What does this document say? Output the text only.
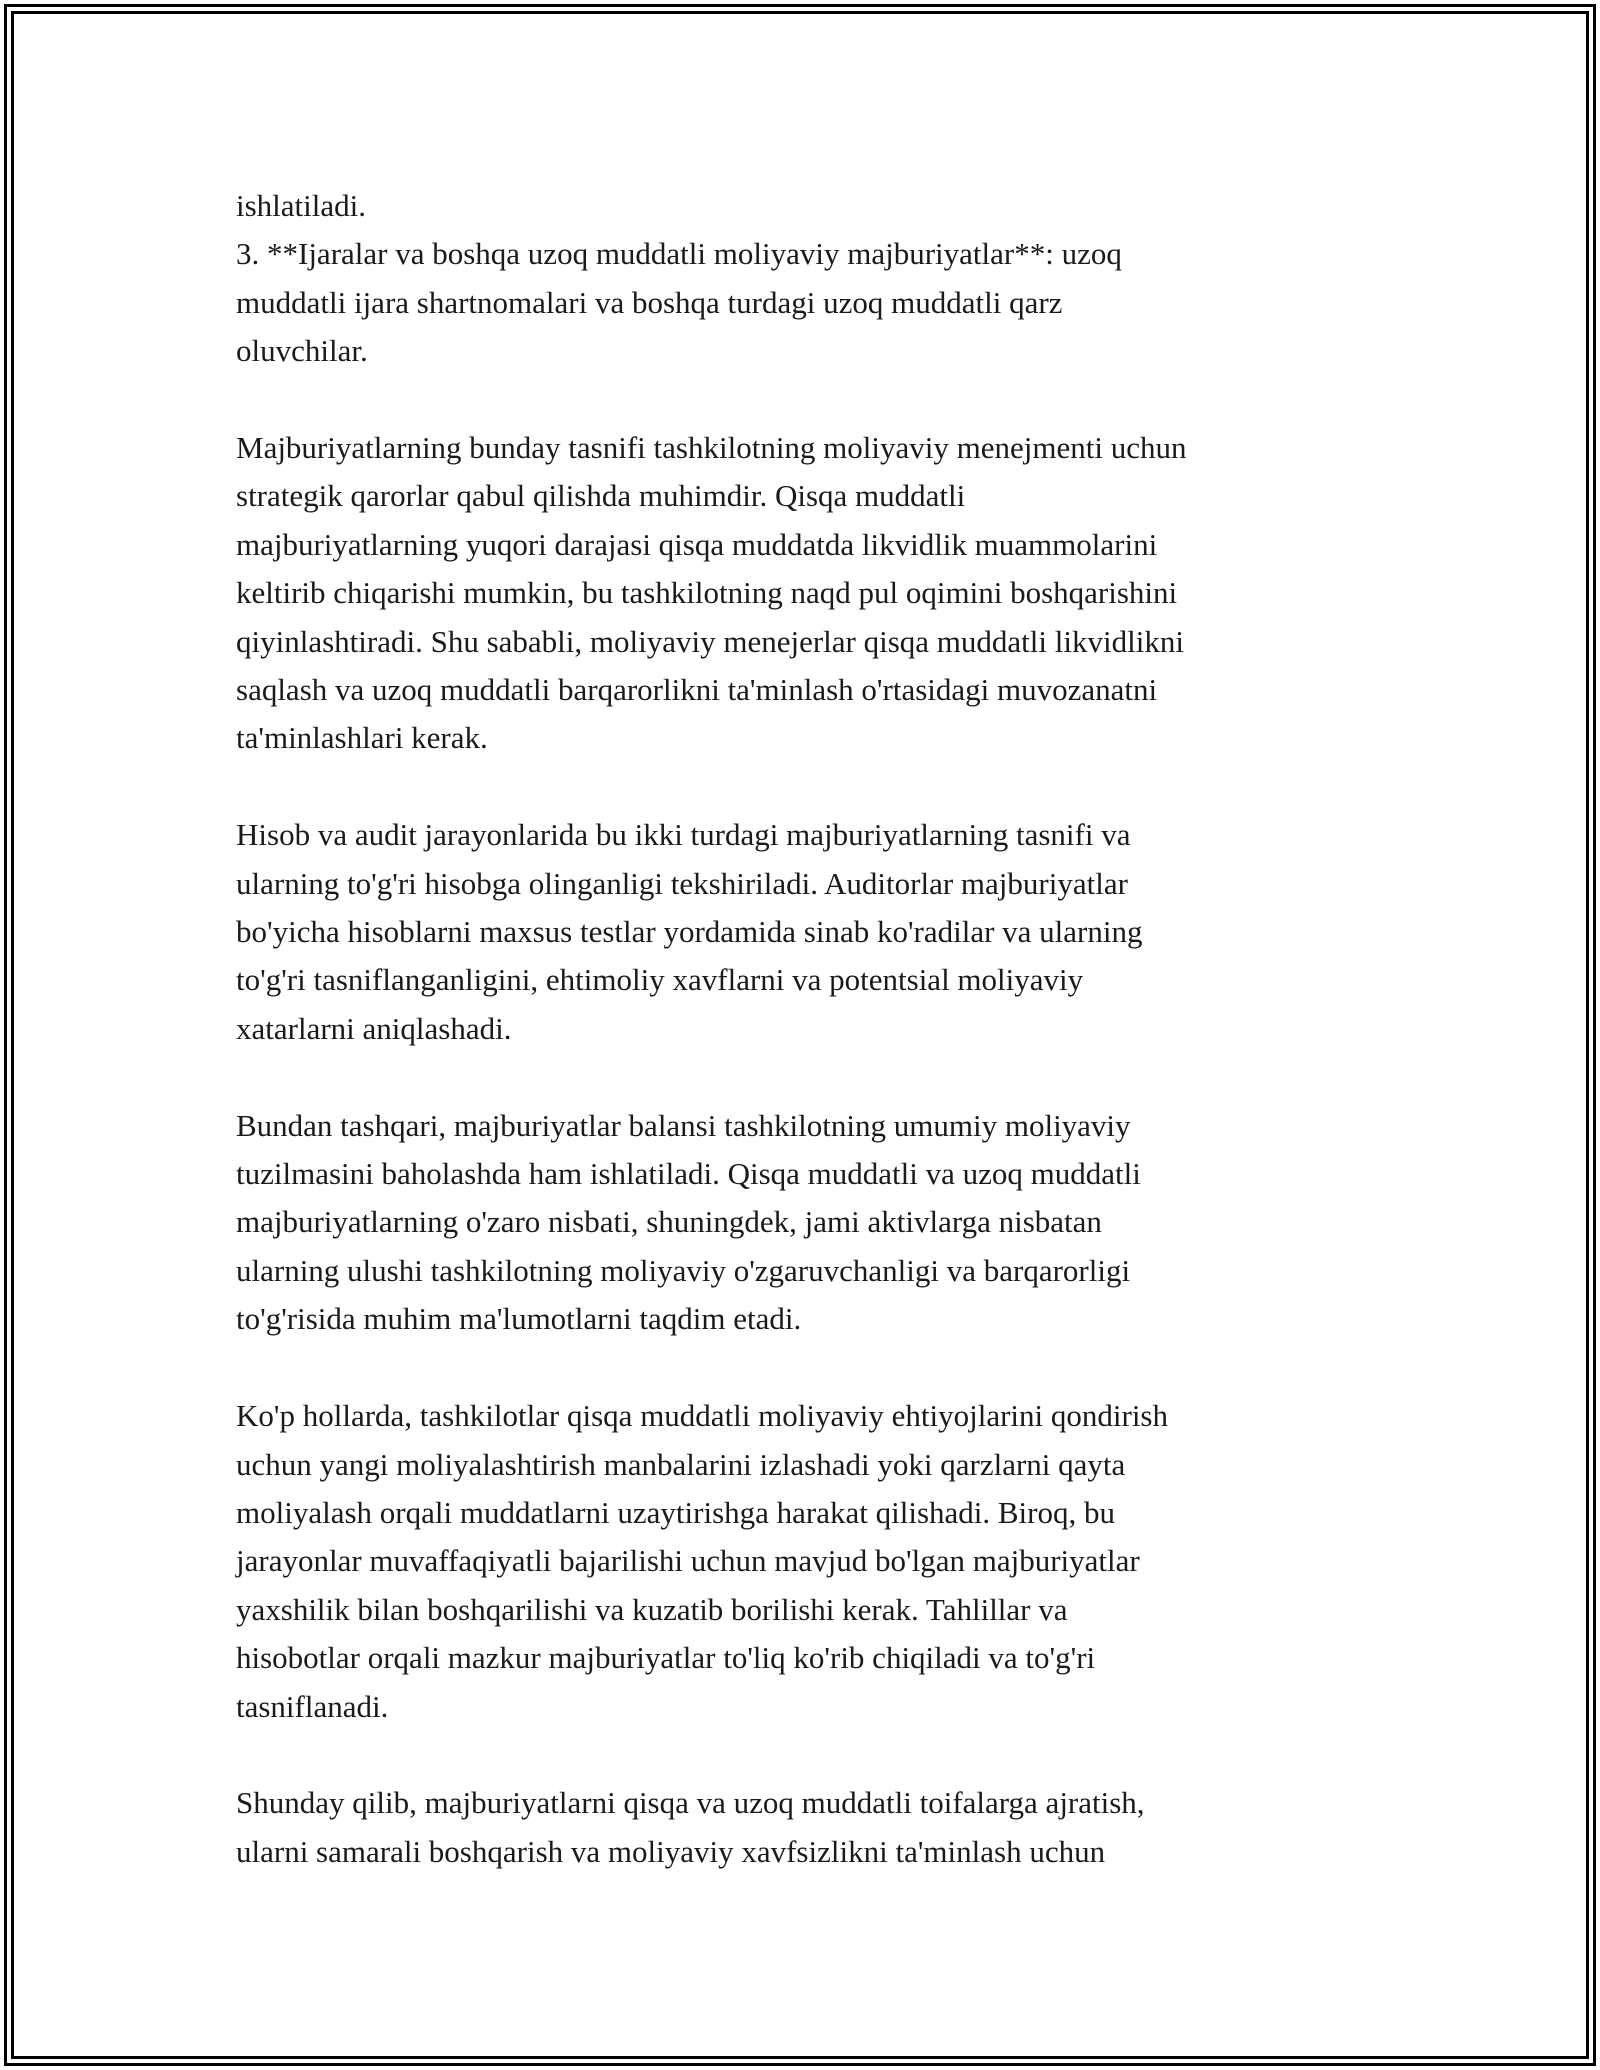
ishlatiladi.
3. **Ijaralar va boshqa uzoq muddatli moliyaviy majburiyatlar**: uzoq
muddatli ijara shartnomalari va boshqa turdagi uzoq muddatli qarz
oluvchilar.

Majburiyatlarning bunday tasnifi tashkilotning moliyaviy menejmenti uchun
strategik qarorlar qabul qilishda muhimdir. Qisqa muddatli
majburiyatlarning yuqori darajasi qisqa muddatda likvidlik muammolarini
keltirib chiqarishi mumkin, bu tashkilotning naqd pul oqimini boshqarishini
qiyinlashtiradi. Shu sababli, moliyaviy menejerlar qisqa muddatli likvidlikni
saqlash va uzoq muddatli barqarorlikni ta'minlash o'rtasidagi muvozanatni
ta'minlashlari kerak.

Hisob va audit jarayonlarida bu ikki turdagi majburiyatlarning tasnifi va
ularning to'g'ri hisobga olinganligi tekshiriladi. Auditorlar majburiyatlar
bo'yicha hisoblarni maxsus testlar yordamida sinab ko'radilar va ularning
to'g'ri tasniflanganligini, ehtimoliy xavflarni va potentsial moliyaviy
xatarlarni aniqlashadi.

Bundan tashqari, majburiyatlar balansi tashkilotning umumiy moliyaviy
tuzilmasini baholashda ham ishlatiladi. Qisqa muddatli va uzoq muddatli
majburiyatlarning o'zaro nisbati, shuningdek, jami aktivlarga nisbatan
ularning ulushi tashkilotning moliyaviy o'zgaruvchanligi va barqarorligi
to'g'risida muhim ma'lumotlarni taqdim etadi.

Ko'p hollarda, tashkilotlar qisqa muddatli moliyaviy ehtiyojlarini qondirish
uchun yangi moliyalashtirish manbalarini izlashadi yoki qarzlarni qayta
moliyalash orqali muddatlarni uzaytirishga harakat qilishadi. Biroq, bu
jarayonlar muvaffaqiyatli bajarilishi uchun mavjud bo'lgan majburiyatlar
yaxshilik bilan boshqarilishi va kuzatib borilishi kerak. Tahlillar va
hisobotlar orqali mazkur majburiyatlar to'liq ko'rib chiqiladi va to'g'ri
tasniflanadi.

Shunday qilib, majburiyatlarni qisqa va uzoq muddatli toifalarga ajratish,
ularni samarali boshqarish va moliyaviy xavfsizlikni ta'minlash uchun
